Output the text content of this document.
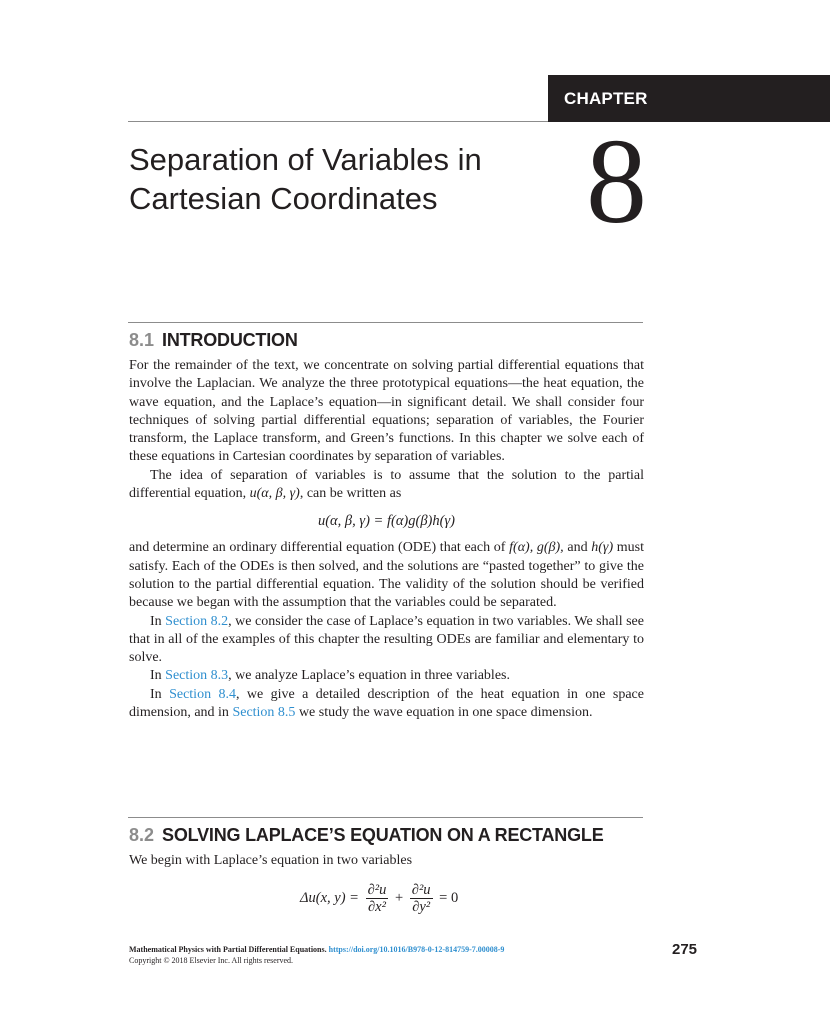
CHAPTER
Separation of Variables in
Cartesian Coordinates	8
8.1 INTRODUCTION

For the remainder of the text, we concentrate on solving partial differential equations that involve the Laplacian. We analyze the three prototypical equations—the heat equation, the wave equation, and the Laplace’s equation—in significant detail. We shall consider four techniques of solving partial differential equations; separation of variables, the Fourier transform, the Laplace transform, and Green’s functions. In this chapter we solve each of these equations in Cartesian coordinates by separation of variables.

The idea of separation of variables is to assume that the solution to the partial differential equation, u(α, β, γ), can be written as

u(α, β, γ) = f(α)g(β)h(γ)

and determine an ordinary differential equation (ODE) that each of f(α), g(β), and h(γ) must satisfy. Each of the ODEs is then solved, and the solutions are “pasted together” to give the solution to the partial differential equation. The validity of the solution should be verified because we began with the assumption that the variables could be separated.

In Section 8.2, we consider the case of Laplace’s equation in two variables. We shall see that in all of the examples of this chapter the resulting ODEs are familiar and elementary to solve.

In Section 8.3, we analyze Laplace’s equation in three variables.

In Section 8.4, we give a detailed description of the heat equation in one space dimension, and in Section 8.5 we study the wave equation in one space dimension.

8.2 SOLVING LAPLACE’S EQUATION ON A RECTANGLE

We begin with Laplace’s equation in two variables

Δu(x, $y) = \frac{\text{∂²u}}{\text{∂x²}} + \frac{\text{∂²u}}{\text{∂y²}} = 0$
Mathematical Physics with Partial Differential Equations. https://doi.org/10.1016/B978-0-12-814759-7.00008-9
Copyright © 2018 Elsevier Inc. All rights reserved.
275
